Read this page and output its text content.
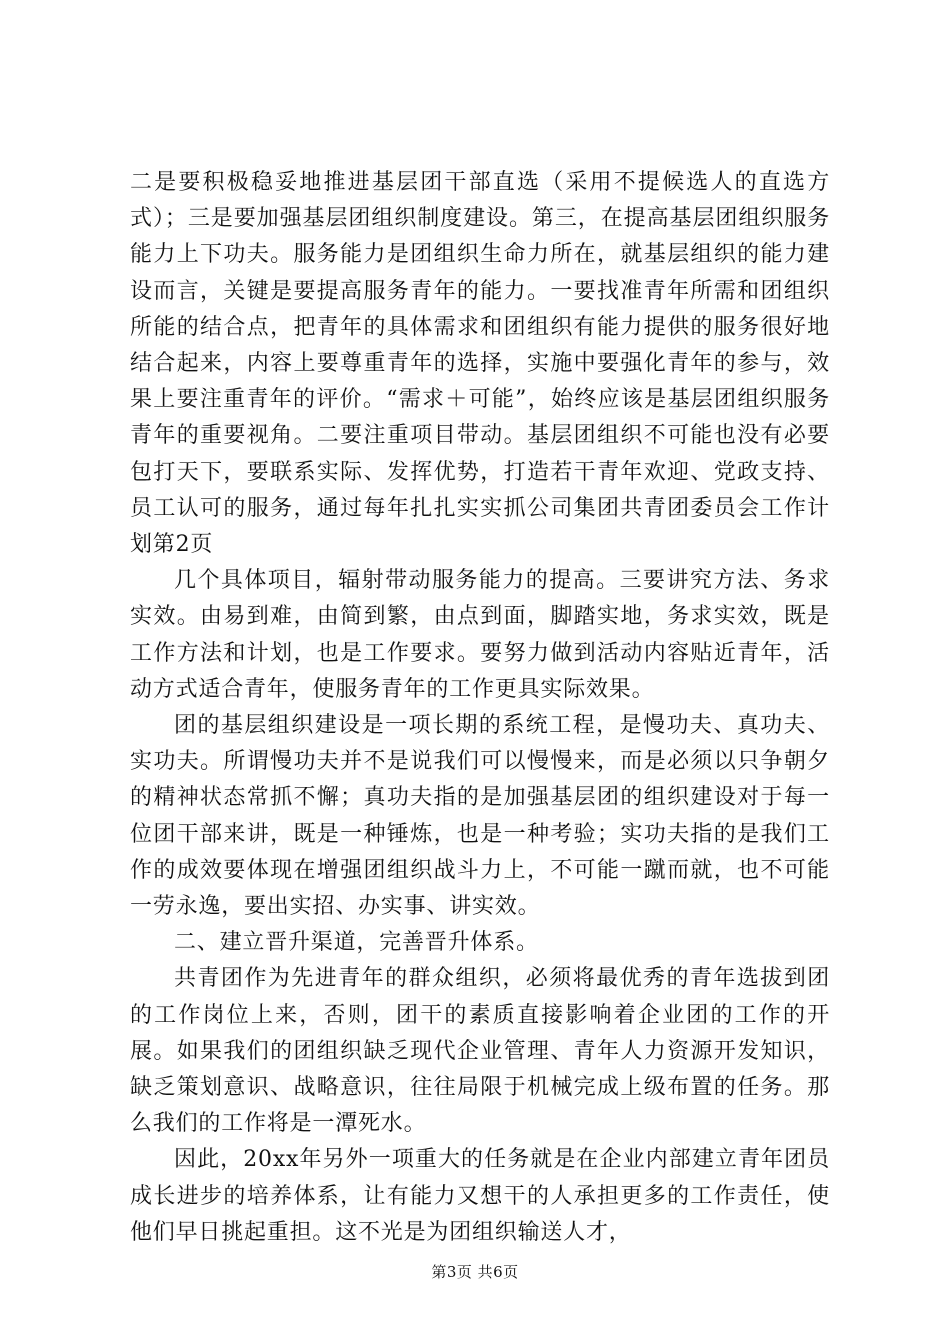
二是要积极稳妥地推进基层团干部直选（采用不提候选人的直选方式）；三是要加强基层团组织制度建设。第三，在提高基层团组织服务能力上下功夫。服务能力是团组织生命力所在，就基层组织的能力建设而言，关键是要提高服务青年的能力。一要找准青年所需和团组织所能的结合点，把青年的具体需求和团组织有能力提供的服务很好地结合起来，内容上要尊重青年的选择，实施中要强化青年的参与，效果上要注重青年的评价。“需求＋可能”，始终应该是基层团组织服务青年的重要视角。二要注重项目带动。基层团组织不可能也没有必要包打天下，要联系实际、发挥优势，打造若干青年欢迎、党政支持、员工认可的服务，通过每年扎扎实实抓公司集团共青团委员会工作计划第2页

几个具体项目，辐射带动服务能力的提高。三要讲究方法、务求实效。由易到难，由简到繁，由点到面，脚踏实地，务求实效，既是工作方法和计划，也是工作要求。要努力做到活动内容贴近青年，活动方式适合青年，使服务青年的工作更具实际效果。

团的基层组织建设是一项长期的系统工程，是慢功夫、真功夫、实功夫。所谓慢功夫并不是说我们可以慢慢来，而是必须以只争朝夕的精神状态常抓不懈；真功夫指的是加强基层团的组织建设对于每一位团干部来讲，既是一种锤炼，也是一种考验；实功夫指的是我们工作的成效要体现在增强团组织战斗力上，不可能一蹴而就，也不可能一劳永逸，要出实招、办实事、讲实效。

二、建立晋升渠道，完善晋升体系。

共青团作为先进青年的群众组织，必须将最优秀的青年选拔到团的工作岗位上来，否则，团干的素质直接影响着企业团的工作的开展。如果我们的团组织缺乏现代企业管理、青年人力资源开发知识，缺乏策划意识、战略意识，往往局限于机械完成上级布置的任务。那么我们的工作将是一潭死水。

因此，20xx年另外一项重大的任务就是在企业内部建立青年团员成长进步的培养体系，让有能力又想干的人承担更多的工作责任，使他们早日挑起重担。这不光是为团组织输送人才，

第3页 共6页
